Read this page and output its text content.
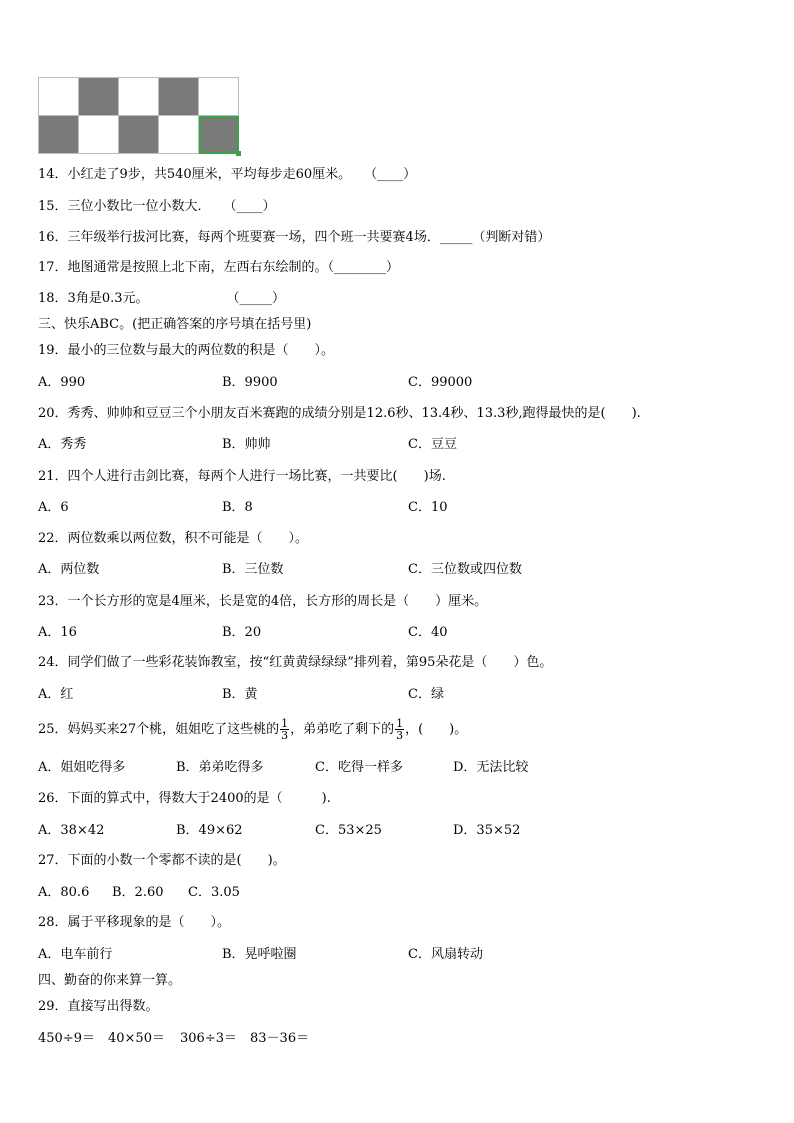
14．小红走了9步，共540厘米，平均每步走60厘米。　　（____）
15．三位小数比一位小数大．　　（____）
16．三年级举行拔河比赛，每两个班要赛一场，四个班一共要赛4场．_____（判断对错）
17．地图通常是按照上北下南，左西右东绘制的。（________）
18．3角是0.3元。　　　　　　　（_____）
三、快乐ABC。(把正确答案的序号填在括号里)
19．最小的三位数与最大的两位数的积是（　　）。
A．990	B．9900	C．99000
20．秀秀、帅帅和豆豆三个小朋友百米赛跑的成绩分别是12.6秒、13.4秒、13.3秒,跑得最快的是(　　).
A．秀秀	B．帅帅	C．豆豆
21．四个人进行击剑比赛，每两个人进行一场比赛，一共要比(　　)场.
A．6	B．8	C．10
22．两位数乘以两位数，积不可能是（　　）。
A．两位数	B．三位数	C．三位数或四位数
23．一个长方形的宽是4厘米，长是宽的4倍，长方形的周长是（　　）厘米。
A．16	B．20	C．40
24．同学们做了一些彩花装饰教室，按“红黄黄绿绿绿”排列着，第95朵花是（　　）色。
A．红	B．黄	C．绿
25．妈妈买来27个桃，姐姐吃了这些桃的 $\frac{1}{3}$ ，弟弟吃了剩下的 $\frac{1}{3}$ ，(　　)。
A．姐姐吃得多	B．弟弟吃得多	C．吃得一样多	D．无法比较
26．下面的算式中，得数大于2400的是（　　　).
A．38×42	B．49×62	C．53×25	D．35×52
27．下面的小数一个零都不读的是(　　)。
A．80.6 B．2.60 C．3.05
28．属于平移现象的是（　　）。
A．电车前行	B．晃呼啦圈	C．风扇转动
四、勤奋的你来算一算。
29．直接写出得数。
450÷9＝ 40×50＝ 306÷3＝ 83－36＝
